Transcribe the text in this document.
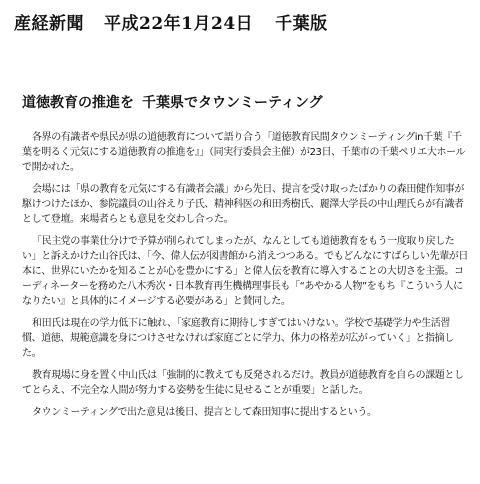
産経新聞 平成22年1月24日 千葉版
道徳教育の推進を 千葉県でタウンミーティング

各界の有識者や県民が県の道徳教育について語り合う「道徳教育民間タウンミーティングin千葉『千葉を明るく元気にする道徳教育の推進を』」（同実行委員会主催）が23日、千葉市の千葉ペリエ大ホールで開かれた。

会場には「県の教育を元気にする有識者会議」から先日、提言を受け取ったばかりの森田健作知事が駆けつけたほか、参院議員の山谷えり子氏、精神科医の和田秀樹氏、麗澤大学長の中山理氏らが有識者として登壇。来場者らとも意見を交わし合った。

「民主党の事業仕分けで予算が削られてしまったが、なんとしても道徳教育をもう一度取り戻したい」と訴えかけた山谷氏は、「今、偉人伝が図書館から消えつつある。でもどんなにすばらしい先輩が日本に、世界にいたかを知ることが心を豊かにする」と偉人伝を教育に導入することの大切さを主張。コーディネーターを務めた八木秀次・日本教育再生機構理事長も「“あやかる人物”をもち『こういう人になりたい』と具体的にイメージする必要がある」と賛同した。

和田氏は現在の学力低下に触れ、「家庭教育に期待しすぎてはいけない。学校で基礎学力や生活習慣、道徳、規範意識を身につけさせなければ家庭ごとに学力、体力の格差が広がっていく」と指摘した。

教育現場に身を置く中山氏は「強制的に教えても反発されるだけ。教員が道徳教育を自らの課題としてとらえ、不完全な人間が努力する姿勢を生徒に見せることが重要」と話した。

タウンミーティングで出た意見は後日、提言として森田知事に提出するという。
